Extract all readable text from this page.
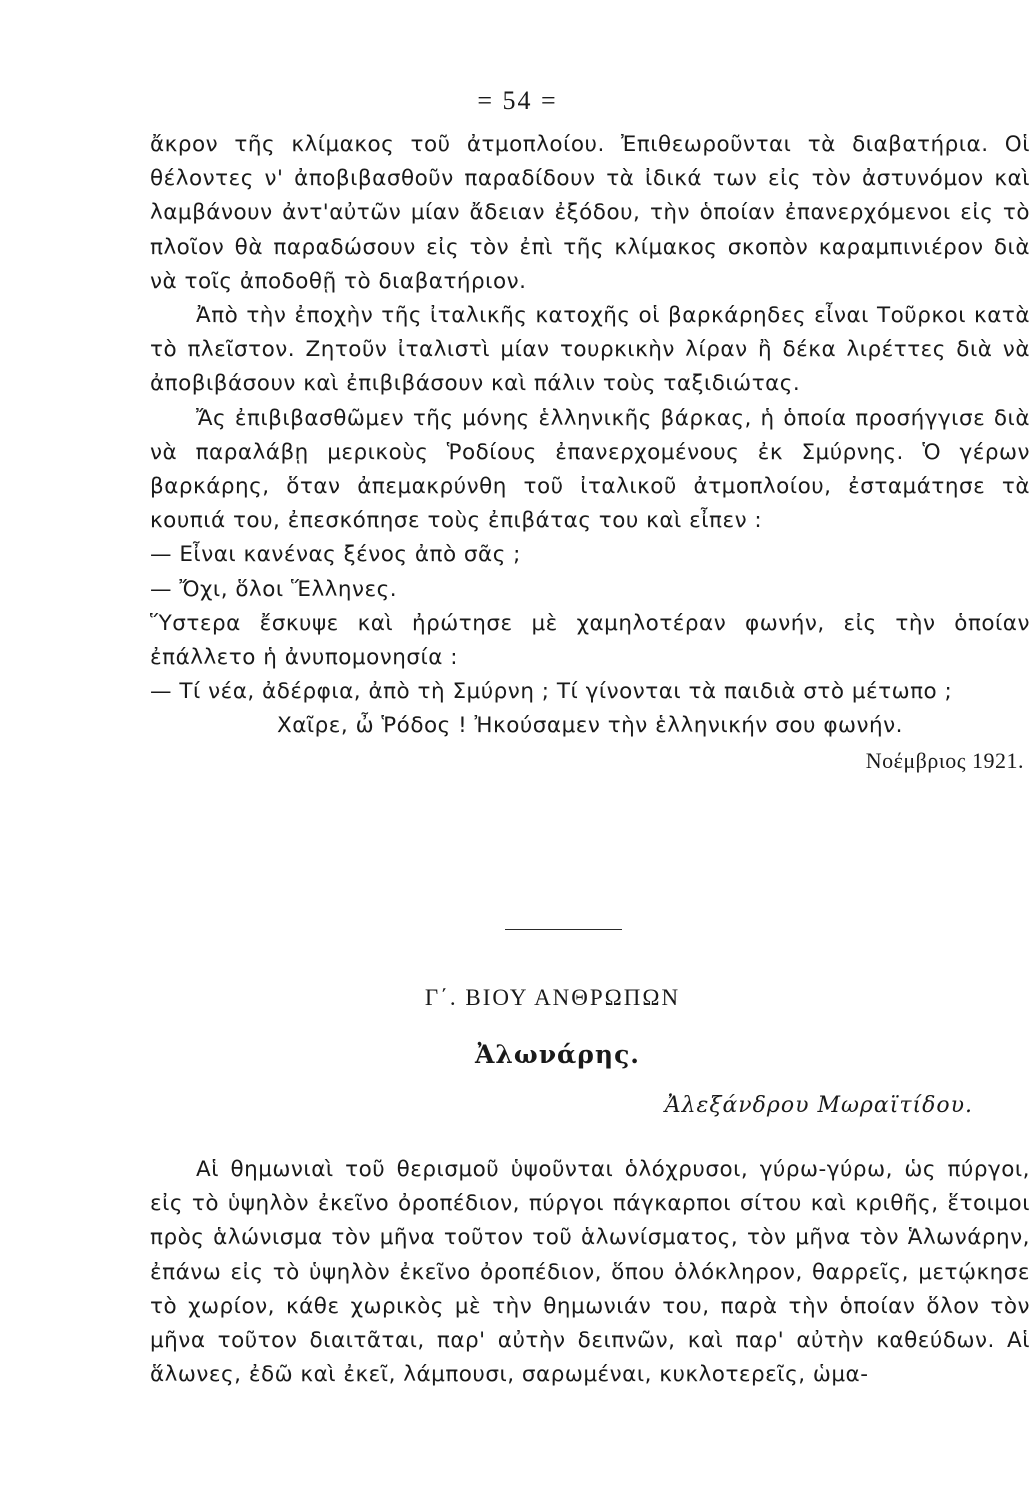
= 54 =

ἄκρον τῆς κλίμακος τοῦ ἀτμοπλοίου. Ἐπιθεωροῦνται τὰ διαβατήρια. Οἱ θέλοντες ν' ἀποβιβασθοῦν παραδίδουν τὰ ἰδικά των εἰς τὸν ἀστυνόμον καὶ λαμβάνουν ἀντ'αὐτῶν μίαν ἄδειαν ἐξόδου, τὴν ὁποίαν ἐπανερχόμενοι εἰς τὸ πλοῖον θὰ παραδώσουν εἰς τὸν ἐπὶ τῆς κλίμακος σκοπὸν καραμπινιέρον διὰ νὰ τοῖς ἀποδοθῇ τὸ διαβατήριον.

Ἀπὸ τὴν ἐποχὴν τῆς ἰταλικῆς κατοχῆς οἱ βαρκάρηδες εἶναι Τοῦρκοι κατὰ τὸ πλεῖστον. Ζητοῦν ἰταλιστὶ μίαν τουρκικὴν λίραν ἢ δέκα λιρέττες διὰ νὰ ἀποβιβάσουν καὶ ἐπιβιβάσουν καὶ πάλιν τοὺς ταξιδιώτας.

Ἄς ἐπιβιβασθῶμεν τῆς μόνης ἑλληνικῆς βάρκας, ἡ ὁποία προσήγγισε διὰ νὰ παραλάβῃ μερικοὺς Ῥοδίους ἐπανερχομένους ἐκ Σμύρνης. Ὁ γέρων βαρκάρης, ὅταν ἀπεμακρύνθη τοῦ ἰταλικοῦ ἀτμοπλοίου, ἐσταμάτησε τὰ κουπιά του, ἐπεσκόπησε τοὺς ἐπιβάτας του καὶ εἶπεν :

— Εἶναι κανένας ξένος ἀπὸ σᾶς ;

— Ὄχι, ὅλοι Ἕλληνες.

Ὕστερα ἔσκυψε καὶ ἠρώτησε μὲ χαμηλοτέραν φωνήν, εἰς τὴν ὁποίαν ἐπάλλετο ἡ ἀνυπομονησία :

— Τί νέα, ἀδέρφια, ἀπὸ τὴ Σμύρνη ; Τί γίνονται τὰ παιδιὰ στὸ μέτωπο ;

Χαῖρε, ὦ Ῥόδος ! Ἠκούσαμεν τὴν ἑλληνικήν σου φωνήν.

Νοέμβριος 1921.

Γ΄. ΒΙΟΥ ΑΝΘΡΩΠΩΝ
Ἀλωνάρης.
Ἀλεξάνδρου Μωραϊτίδου.

Αἱ θημωνιαὶ τοῦ θερισμοῦ ὑψοῦνται ὁλόχρυσοι, γύρω-γύρω, ὡς πύργοι, εἰς τὸ ὑψηλὸν ἐκεῖνο ὀροπέδιον, πύργοι πάγκαρποι σίτου καὶ κριθῆς, ἕτοιμοι πρὸς ἁλώνισμα τὸν μῆνα τοῦτον τοῦ ἁλωνίσματος, τὸν μῆνα τὸν Ἁλωνάρην, ἐπάνω εἰς τὸ ὑψηλὸν ἐκεῖνο ὀροπέδιον, ὅπου ὁλόκληρον, θαρρεῖς, μετῴκησε τὸ χωρίον, κάθε χωρικὸς μὲ τὴν θημωνιάν του, παρὰ τὴν ὁποίαν ὅλον τὸν μῆνα τοῦτον διαιτᾶται, παρ' αὐτὴν δειπνῶν, καὶ παρ' αὐτὴν καθεύδων. Αἱ ἅλωνες, ἐδῶ καὶ ἐκεῖ, λάμπουσι, σαρωμέναι, κυκλοτερεῖς, ὡμα-
